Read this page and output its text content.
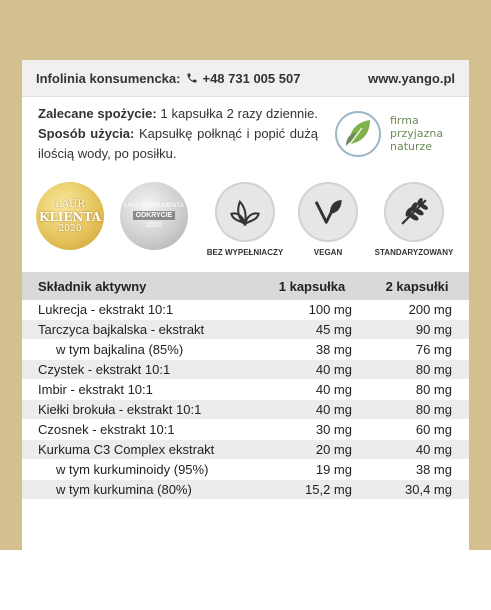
Infolinia konsumencka: +48 731 005 507	www.yango.pl
Zalecane spożycie: 1 kapsułka 2 razy dziennie. Sposób użycia: Kapsułkę połknąć i popić dużą ilością wody, po posiłku.
firma
przyjazna
naturze
LAUR
KLIENTA
2020
LAUR KONSUMENTA
ODKRYCIE
2020
BEZ WYPEŁNIACZY	VEGAN	STANDARYZOWANY
Składnik aktywny	1 kapsułka	2 kapsułki
Lukrecja - ekstrakt 10:1	100 mg	200 mg
Tarczyca bajkalska - ekstrakt	45 mg	90 mg
w tym bajkalina (85%)	38 mg	76 mg
Czystek - ekstrakt 10:1	40 mg	80 mg
Imbir - ekstrakt 10:1	40 mg	80 mg
Kiełki brokuła - ekstrakt 10:1	40 mg	80 mg
Czosnek - ekstrakt 10:1	30 mg	60 mg
Kurkuma C3 Complex ekstrakt	20 mg	40 mg
w tym kurkuminoidy (95%)	19 mg	38 mg
w tym kurkumina (80%)	15,2 mg	30,4 mg
